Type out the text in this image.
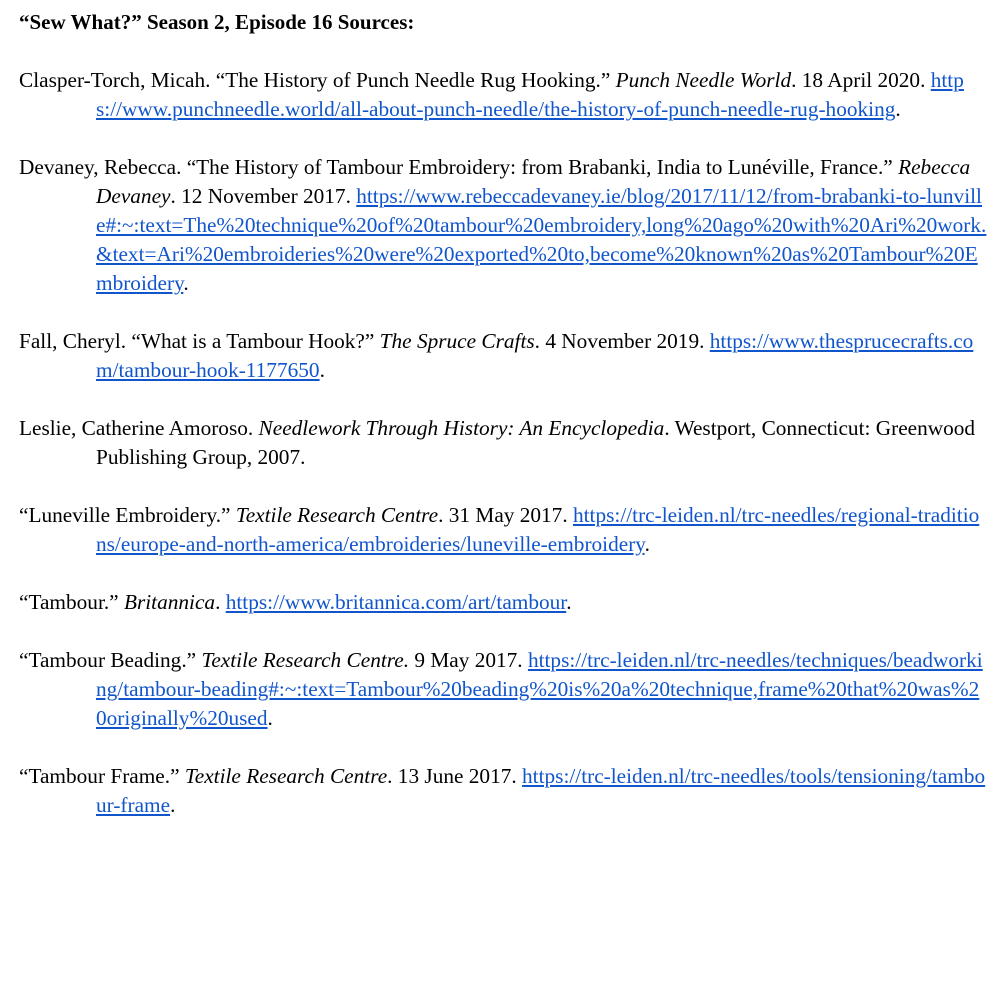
“Sew What?” Season 2, Episode 16 Sources:
Clasper-Torch, Micah. “The History of Punch Needle Rug Hooking.” Punch Needle World. 18 April 2020. https://www.punchneedle.world/all-about-punch-needle/the-history-of-punch-needle-rug-hooking.
Devaney, Rebecca. “The History of Tambour Embroidery: from Brabanki, India to Lunéville, France.” Rebecca Devaney. 12 November 2017. https://www.rebeccadevaney.ie/blog/2017/11/12/from-brabanki-to-lunville#:~:text=The%20technique%20of%20tambour%20embroidery,long%20ago%20with%20Ari%20work.&text=Ari%20embroideries%20were%20exported%20to,become%20known%20as%20Tambour%20Embroidery.
Fall, Cheryl. “What is a Tambour Hook?” The Spruce Crafts. 4 November 2019. https://www.thesprucecrafts.com/tambour-hook-1177650.
Leslie, Catherine Amoroso. Needlework Through History: An Encyclopedia. Westport, Connecticut: Greenwood Publishing Group, 2007.
“Luneville Embroidery.” Textile Research Centre. 31 May 2017. https://trc-leiden.nl/trc-needles/regional-traditions/europe-and-north-america/embroideries/luneville-embroidery.
“Tambour.” Britannica. https://www.britannica.com/art/tambour.
“Tambour Beading.” Textile Research Centre. 9 May 2017. https://trc-leiden.nl/trc-needles/techniques/beadworking/tambour-beading#:~:text=Tambour%20beading%20is%20a%20technique,frame%20that%20was%20originally%20used.
“Tambour Frame.” Textile Research Centre. 13 June 2017. https://trc-leiden.nl/trc-needles/tools/tensioning/tambour-frame.
